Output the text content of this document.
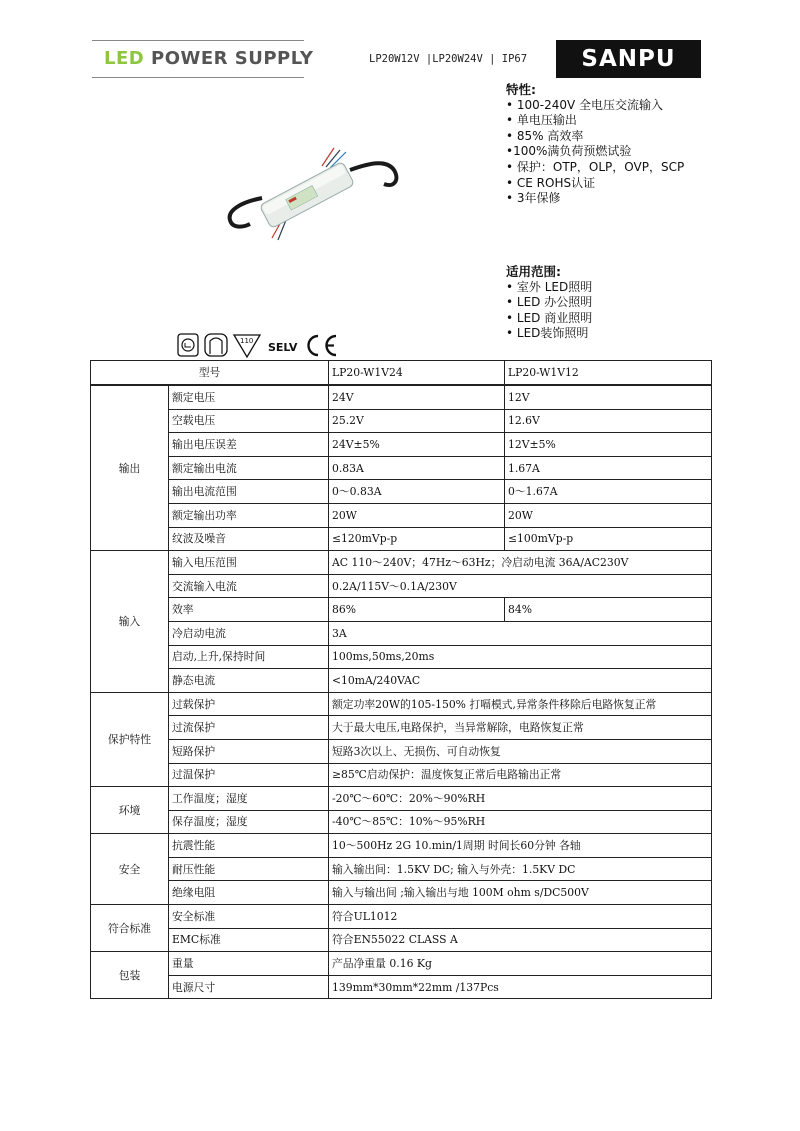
LED POWER SUPPLY	LP20W12V |LP20W24V | IP67	SANPU
特性:
• 100-240V 全电压交流输入
• 单电压输出
• 85% 高效率
•100%满负荷预燃试验
• 保护：OTP，OLP，OVP，SCP
• CE ROHS认证
• 3年保修
适用范围:
• 室外 LED照明
• LED 办公照明
• LED 商业照明
• LED装饰照明
110 SELV
型号		LP20-W1V24	LP20-W1V12
输出	额定电压	24V	12V
	空载电压	25.2V	12.6V
	输出电压误差	24V±5%	12V±5%
	额定输出电流	0.83A	1.67A
	输出电流范围	0～0.83A	0～1.67A
	额定输出功率	20W	20W
	纹波及噪音	≤120mVp-p	≤100mVp-p
输入	输入电压范围	AC 110～240V；47Hz～63Hz；冷启动电流 36A/AC230V	
	交流输入电流	0.2A/115V～0.1A/230V	
	效率	86%	84%
	冷启动电流	3A	
	启动,上升,保持时间	100ms,50ms,20ms	
	静态电流	<10mA/240VAC	
保护特性	过载保护	额定功率20W的105-150% 打嗝模式,异常条件移除后电路恢复正常	
	过流保护	大于最大电压,电路保护，当异常解除，电路恢复正常	
	短路保护	短路3次以上、无损伤、可自动恢复	
	过温保护	≥85℃启动保护：温度恢复正常后电路输出正常	
环境	工作温度；湿度	-20℃～60℃：20%～90%RH	
	保存温度；湿度	-40℃～85℃：10%～95%RH	
安全	抗震性能	10～500Hz 2G 10.min/1周期 时间长60分钟 各轴	
	耐压性能	输入输出间：1.5KV DC; 输入与外壳：1.5KV DC	
	绝缘电阻	输入与输出间 ;输入输出与地 100M ohm s/DC500V	
符合标准	安全标准	符合UL1012	
	EMC标准	符合EN55022 CLASS A	
包装	重量	产品净重量 0.16 Kg	
	电源尺寸	139mm*30mm*22mm /137Pcs	
